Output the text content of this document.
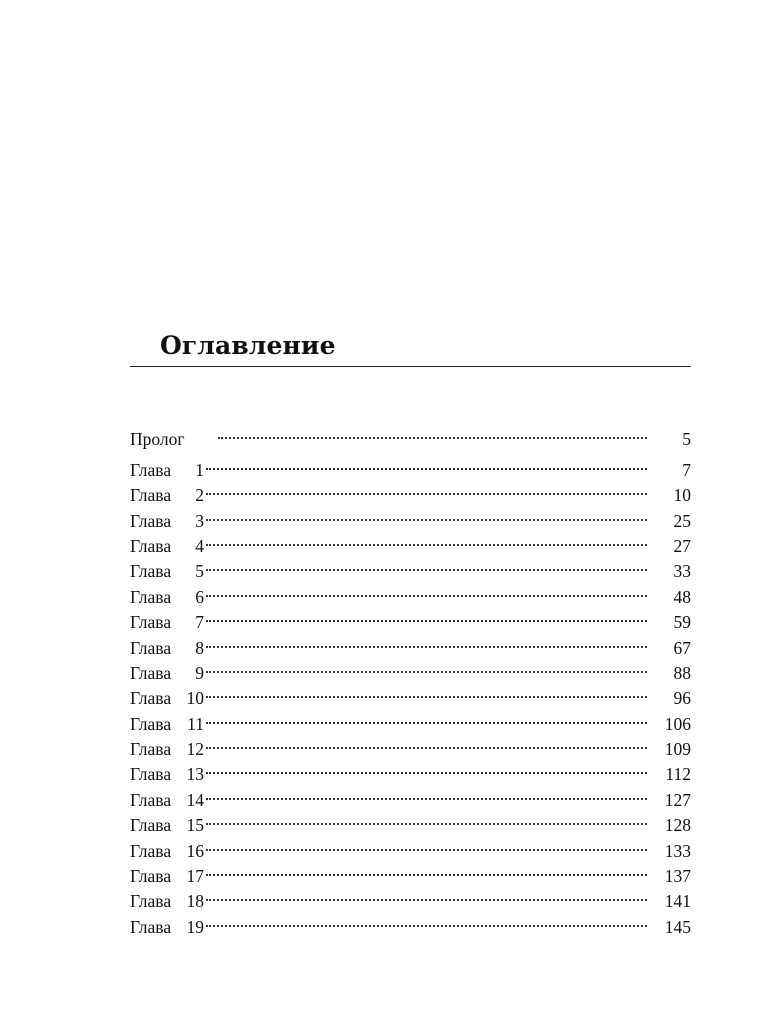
Оглавление
Пролог	5
Глава	1	7
Глава	2	10
Глава	3	25
Глава	4	27
Глава	5	33
Глава	6	48
Глава	7	59
Глава	8	67
Глава	9	88
Глава 10	96
Глава 11	106
Глава 12	109
Глава 13	112
Глава 14	127
Глава 15	128
Глава 16	133
Глава 17	137
Глава 18	141
Глава 19	145
